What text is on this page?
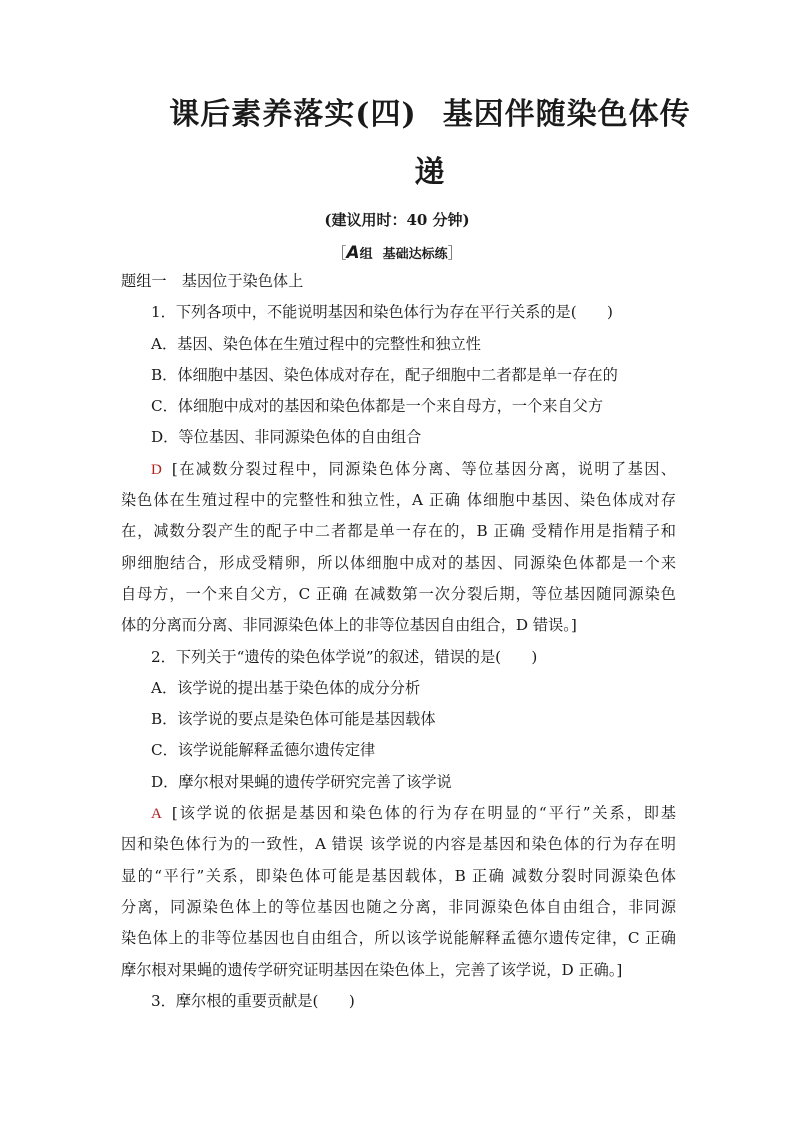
课后素养落实(四) 基因伴随染色体传
递
(建议用时：40 分钟)
［A组 基础达标练］
题组一　基因位于染色体上
1．下列各项中，不能说明基因和染色体行为存在平行关系的是(　　)
A．基因、染色体在生殖过程中的完整性和独立性
B．体细胞中基因、染色体成对存在，配子细胞中二者都是单一存在的
C．体细胞中成对的基因和染色体都是一个来自母方，一个来自父方
D．等位基因、非同源染色体的自由组合
D [在减数分裂过程中，同源染色体分离、等位基因分离，说明了基因、
染色体在生殖过程中的完整性和独立性，A 正确 体细胞中基因、染色体成对存
在，减数分裂产生的配子中二者都是单一存在的，B 正确 受精作用是指精子和
卵细胞结合，形成受精卵，所以体细胞中成对的基因、同源染色体都是一个来
自母方，一个来自父方，C 正确 在减数第一次分裂后期，等位基因随同源染色
体的分离而分离、非同源染色体上的非等位基因自由组合，D 错误。]
2．下列关于“遗传的染色体学说”的叙述，错误的是(　　)
A．该学说的提出基于染色体的成分分析
B．该学说的要点是染色体可能是基因载体
C．该学说能解释孟德尔遗传定律
D．摩尔根对果蝇的遗传学研究完善了该学说
A [该学说的依据是基因和染色体的行为存在明显的“平行”关系，即基
因和染色体行为的一致性，A 错误 该学说的内容是基因和染色体的行为存在明
显的“平行”关系，即染色体可能是基因载体，B 正确 减数分裂时同源染色体
分离，同源染色体上的等位基因也随之分离，非同源染色体自由组合，非同源
染色体上的非等位基因也自由组合，所以该学说能解释孟德尔遗传定律，C 正确
摩尔根对果蝇的遗传学研究证明基因在染色体上，完善了该学说，D 正确。]
3．摩尔根的重要贡献是(　　)
